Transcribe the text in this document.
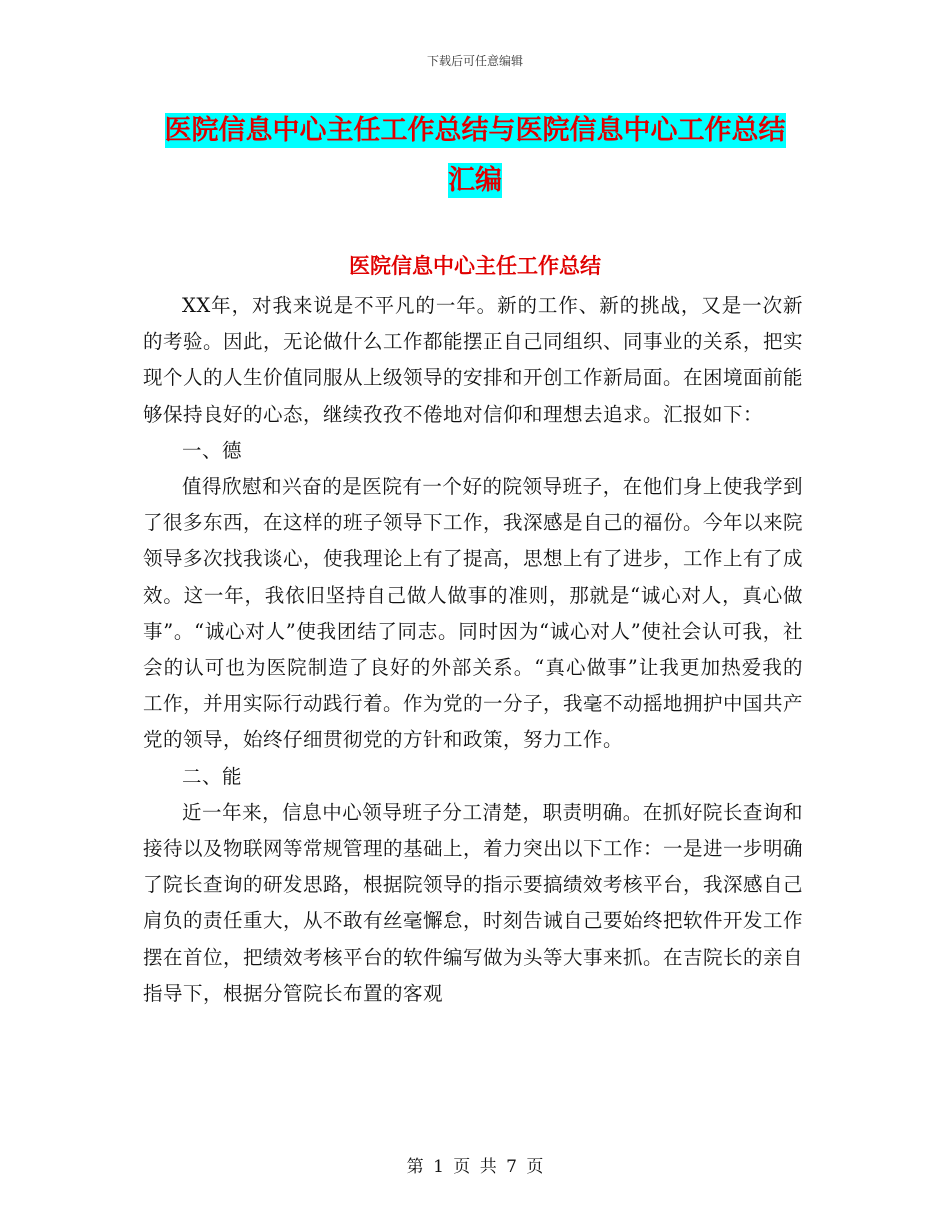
下载后可任意编辑
医院信息中心主任工作总结与医院信息中心工作总结
汇编
医院信息中心主任工作总结

XX年，对我来说是不平凡的一年。新的工作、新的挑战，又是一次新的考验。因此，无论做什么工作都能摆正自己同组织、同事业的关系，把实现个人的人生价值同服从上级领导的安排和开创工作新局面。在困境面前能够保持良好的心态，继续孜孜不倦地对信仰和理想去追求。汇报如下：

一、德

值得欣慰和兴奋的是医院有一个好的院领导班子，在他们身上使我学到了很多东西，在这样的班子领导下工作，我深感是自己的福份。今年以来院领导多次找我谈心，使我理论上有了提高，思想上有了进步，工作上有了成效。这一年，我依旧坚持自己做人做事的准则，那就是“诚心对人，真心做事”。“诚心对人”使我团结了同志。同时因为“诚心对人”使社会认可我，社会的认可也为医院制造了良好的外部关系。“真心做事”让我更加热爱我的工作，并用实际行动践行着。作为党的一分子，我毫不动摇地拥护中国共产党的领导，始终仔细贯彻党的方针和政策，努力工作。

二、能

近一年来，信息中心领导班子分工清楚，职责明确。在抓好院长查询和接待以及物联网等常规管理的基础上，着力突出以下工作：一是进一步明确了院长查询的研发思路，根据院领导的指示要搞绩效考核平台，我深感自己肩负的责任重大，从不敢有丝毫懈怠，时刻告诫自己要始终把软件开发工作摆在首位，把绩效考核平台的软件编写做为头等大事来抓。在吉院长的亲自指导下，根据分管院长布置的客观

第 1 页 共 7 页
